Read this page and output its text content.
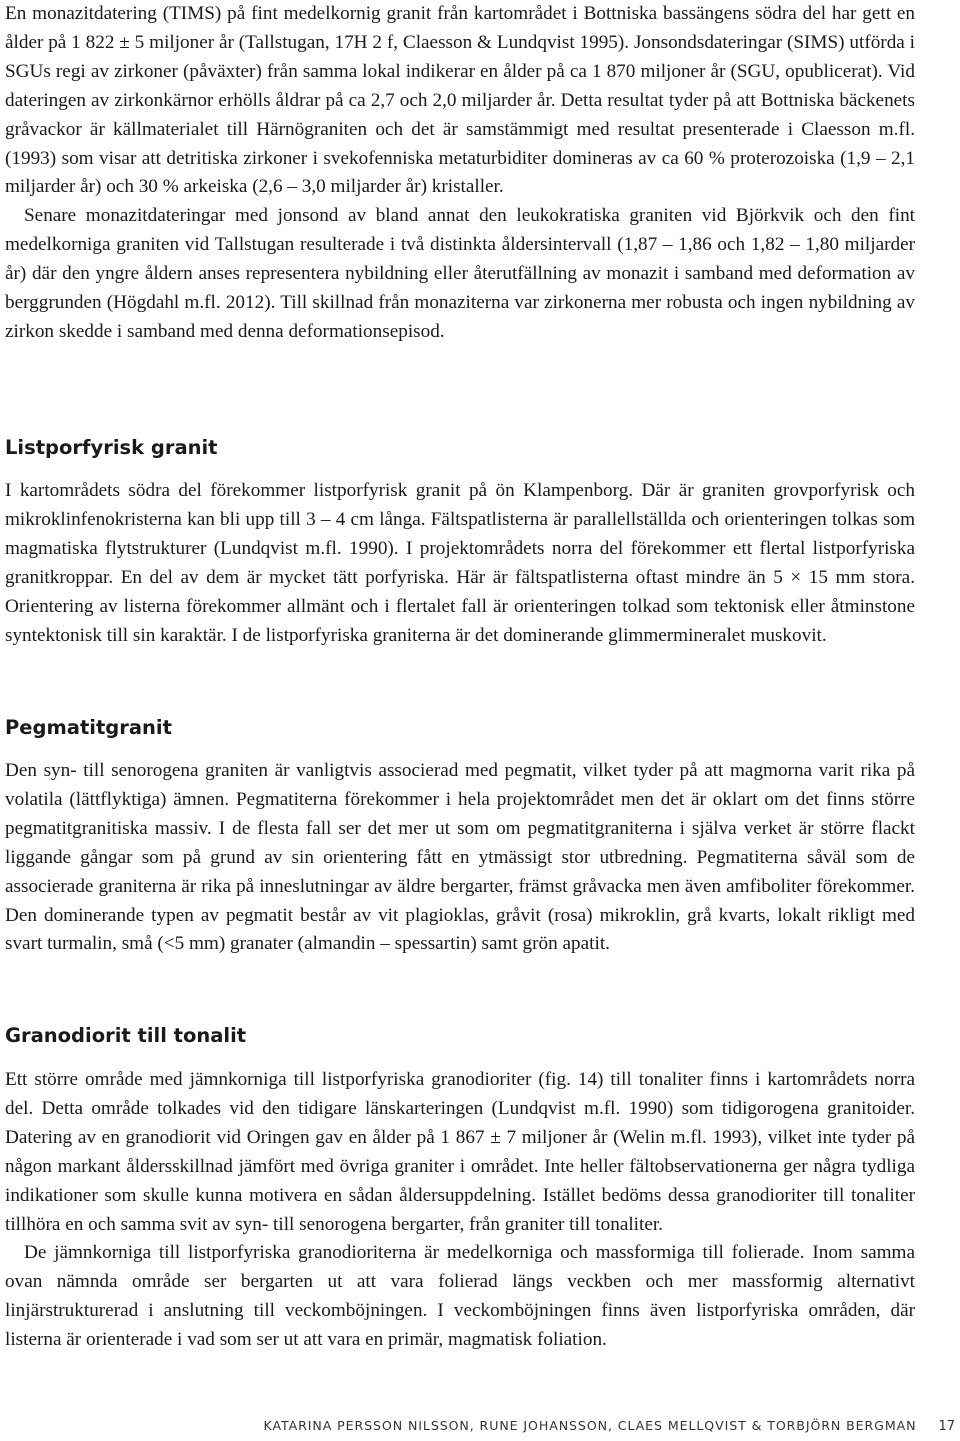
En monazitdatering (TIMS) på fint medelkornig granit från kartområdet i Bottniska bassängens södra del har gett en ålder på 1 822 ± 5 miljoner år (Tallstugan, 17H 2 f, Claesson & Lundqvist 1995). Jonsondsdateringar (SIMS) utförda i SGUs regi av zirkoner (påväxter) från samma lokal indikerar en ålder på ca 1 870 miljoner år (SGU, opublicerat). Vid dateringen av zirkonkärnor erhölls åldrar på ca 2,7 och 2,0 miljarder år. Detta resultat tyder på att Bottniska bäckenets gråvackor är källmaterialet till Härnögraniten och det är samstämmigt med resultat presenterade i Claesson m.fl. (1993) som visar att detritiska zirkoner i svekofenniska metaturbiditer domineras av ca 60 % proterozoiska (1,9 – 2,1 miljarder år) och 30 % arkeiska (2,6 – 3,0 miljarder år) kristaller.

Senare monazitdateringar med jonsond av bland annat den leukokratiska graniten vid Björkvik och den fint medelkorniga graniten vid Tallstugan resulterade i två distinkta åldersintervall (1,87 – 1,86 och 1,82 – 1,80 miljarder år) där den yngre åldern anses representera nybildning eller återutfällning av monazit i samband med deformation av berggrunden (Högdahl m.fl. 2012). Till skillnad från monaziterna var zirkonerna mer robusta och ingen nybildning av zirkon skedde i samband med denna deformationsepisod.

Listporfyrisk granit

I kartområdets södra del förekommer listporfyrisk granit på ön Klampenborg. Där är graniten grovporfyrisk och mikroklinfenokristerna kan bli upp till 3 – 4 cm långa. Fältspatlisterna är parallellställda och orienteringen tolkas som magmatiska flytstrukturer (Lundqvist m.fl. 1990). I projektområdets norra del förekommer ett flertal listporfyriska granitkroppar. En del av dem är mycket tätt porfyriska. Här är fältspatlisterna oftast mindre än 5 × 15 mm stora. Orientering av listerna förekommer allmänt och i flertalet fall är orienteringen tolkad som tektonisk eller åtminstone syntektonisk till sin karaktär. I de listporfyriska graniterna är det dominerande glimmermineralet muskovit.

Pegmatitgranit

Den syn- till senorogena graniten är vanligtvis associerad med pegmatit, vilket tyder på att magmorna varit rika på volatila (lättflyktiga) ämnen. Pegmatiterna förekommer i hela projektområdet men det är oklart om det finns större pegmatitgranitiska massiv. I de flesta fall ser det mer ut som om pegmatitgraniterna i själva verket är större flackt liggande gångar som på grund av sin orientering fått en ytmässigt stor utbredning. Pegmatiterna såväl som de associerade graniterna är rika på inneslutningar av äldre bergarter, främst gråvacka men även amfiboliter förekommer. Den dominerande typen av pegmatit består av vit plagioklas, gråvit (rosa) mikroklin, grå kvarts, lokalt rikligt med svart turmalin, små (<5 mm) granater (almandin – spessartin) samt grön apatit.

Granodiorit till tonalit

Ett större område med jämnkorniga till listporfyriska granodioriter (fig. 14) till tonaliter finns i kartområdets norra del. Detta område tolkades vid den tidigare länskarteringen (Lundqvist m.fl. 1990) som tidigorogena granitoider. Datering av en granodiorit vid Oringen gav en ålder på 1 867 ± 7 miljoner år (Welin m.fl. 1993), vilket inte tyder på någon markant åldersskillnad jämfört med övriga graniter i området. Inte heller fältobservationerna ger några tydliga indikationer som skulle kunna motivera en sådan åldersuppdelning. Istället bedöms dessa granodioriter till tonaliter tillhöra en och samma svit av syn- till senorogena bergarter, från graniter till tonaliter.

De jämnkorniga till listporfyriska granodioriterna är medelkorniga och massformiga till folierade. Inom samma ovan nämnda område ser bergarten ut att vara folierad längs veckben och mer massformig alternativt linjärstrukturerad i anslutning till veckomböjningen. I veckomböjningen finns även listporfyriska områden, där listerna är orienterade i vad som ser ut att vara en primär, magmatisk foliation.

KATARINA PERSSON NILSSON, RUNE JOHANSSON, CLAES MELLQVIST & TORBJÖRN BERGMAN 17
